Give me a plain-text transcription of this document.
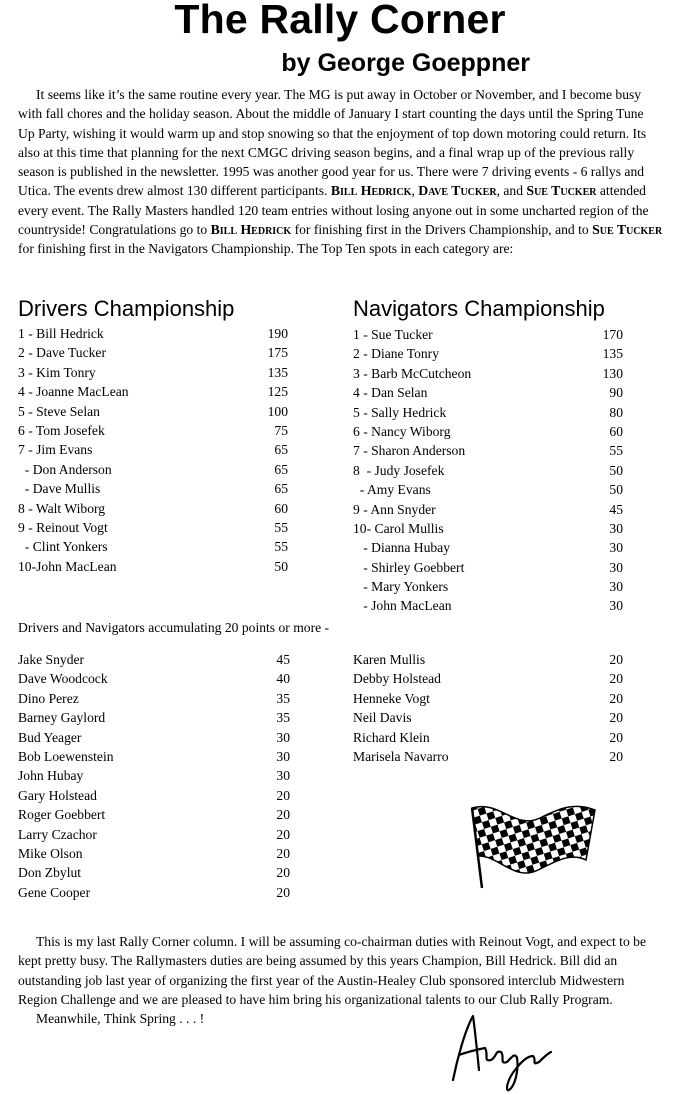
The Rally Corner
by George Goeppner

It seems like it’s the same routine every year. The MG is put away in October or November, and I become busy with fall chores and the holiday season. About the middle of January I start counting the days until the Spring Tune Up Party, wishing it would warm up and stop snowing so that the enjoyment of top down motoring could return. Its also at this time that planning for the next CMGC driving season begins, and a final wrap up of the previous rally season is published in the newsletter. 1995 was another good year for us. There were 7 driving events - 6 rallys and Utica. The events drew almost 130 different participants. Bill Hedrick, Dave Tucker, and Sue Tucker attended every event. The Rally Masters handled 120 team entries without losing anyone out in some uncharted region of the countryside! Congratulations go to Bill Hedrick for finishing first in the Drivers Championship, and to Sue Tucker for finishing first in the Navigators Championship. The Top Ten spots in each category are:

Drivers Championship	Navigators Championship
1 - Bill Hedrick	190
2 - Dave Tucker	175
3 - Kim Tonry	135
4 - Joanne MacLean	125
5 - Steve Selan	100
6 - Tom Josefek	75
7 - Jim Evans	65
- Don Anderson	65
- Dave Mullis	65
8 - Walt Wiborg	60
9 - Reinout Vogt	55
- Clint Yonkers	55
10-John MacLean	50
1 - Sue Tucker	170
2 - Diane Tonry	135
3 - Barb McCutcheon	130
4 - Dan Selan	90
5 - Sally Hedrick	80
6 - Nancy Wiborg	60
7 - Sharon Anderson	55
8  - Judy Josefek	50
- Amy Evans	50
9 - Ann Snyder	45
10- Carol Mullis	30
- Dianna Hubay	30
- Shirley Goebbert	30
- Mary Yonkers	30
- John MacLean	30
Drivers and Navigators accumulating 20 points or more -
Jake Snyder	45
Dave Woodcock	40
Dino Perez	35
Barney Gaylord	35
Bud Yeager	30
Bob Loewenstein	30
John Hubay	30
Gary Holstead	20
Roger Goebbert	20
Larry Czachor	20
Mike Olson	20
Don Zbylut	20
Gene Cooper	20
Karen Mullis	20
Debby Holstead	20
Henneke Vogt	20
Neil Davis	20
Richard Klein	20
Marisela Navarro	20

This is my last Rally Corner column. I will be assuming co-chairman duties with Reinout Vogt, and expect to be kept pretty busy. The Rallymasters duties are being assumed by this years Champion, Bill Hedrick. Bill did an outstanding job last year of organizing the first year of the Austin-Healey Club sponsored interclub Midwestern Region Challenge and we are pleased to have him bring his organizational talents to our Club Rally Program.

Meanwhile, Think Spring . . . !
